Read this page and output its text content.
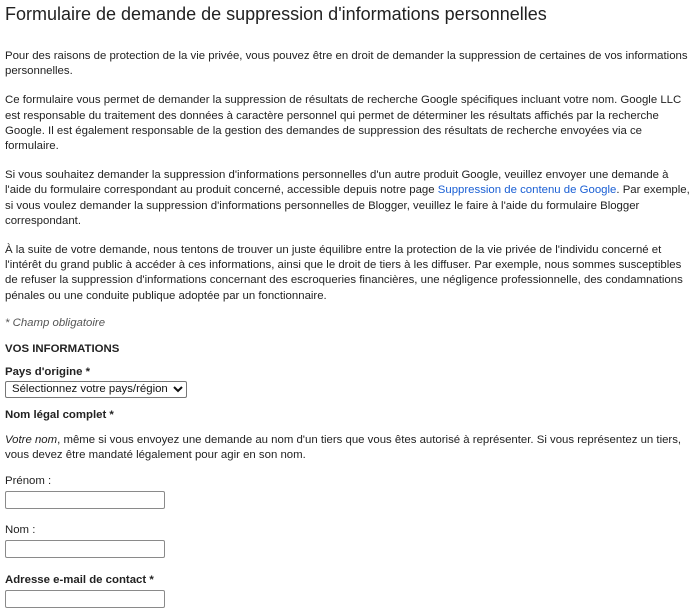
Formulaire de demande de suppression d'informations personnelles

Pour des raisons de protection de la vie privée, vous pouvez être en droit de demander la suppression de certaines de vos informations personnelles.

Ce formulaire vous permet de demander la suppression de résultats de recherche Google spécifiques incluant votre nom. Google LLC est responsable du traitement des données à caractère personnel qui permet de déterminer les résultats affichés par la recherche Google. Il est également responsable de la gestion des demandes de suppression des résultats de recherche envoyées via ce formulaire.

Si vous souhaitez demander la suppression d'informations personnelles d'un autre produit Google, veuillez envoyer une demande à l'aide du formulaire correspondant au produit concerné, accessible depuis notre page Suppression de contenu de Google. Par exemple, si vous voulez demander la suppression d'informations personnelles de Blogger, veuillez le faire à l'aide du formulaire Blogger correspondant.

À la suite de votre demande, nous tentons de trouver un juste équilibre entre la protection de la vie privée de l'individu concerné et l'intérêt du grand public à accéder à ces informations, ainsi que le droit de tiers à les diffuser. Par exemple, nous sommes susceptibles de refuser la suppression d'informations concernant des escroqueries financières, une négligence professionnelle, des condamnations pénales ou une conduite publique adoptée par un fonctionnaire.

* Champ obligatoire
VOS INFORMATIONS
Pays d'origine *
Sélectionnez votre pays/région
Nom légal complet *

Votre nom, même si vous envoyez une demande au nom d'un tiers que vous êtes autorisé à représenter. Si vous représentez un tiers, vous devez être mandaté légalement pour agir en son nom.

Prénom :
Nom :
Adresse e-mail de contact *
